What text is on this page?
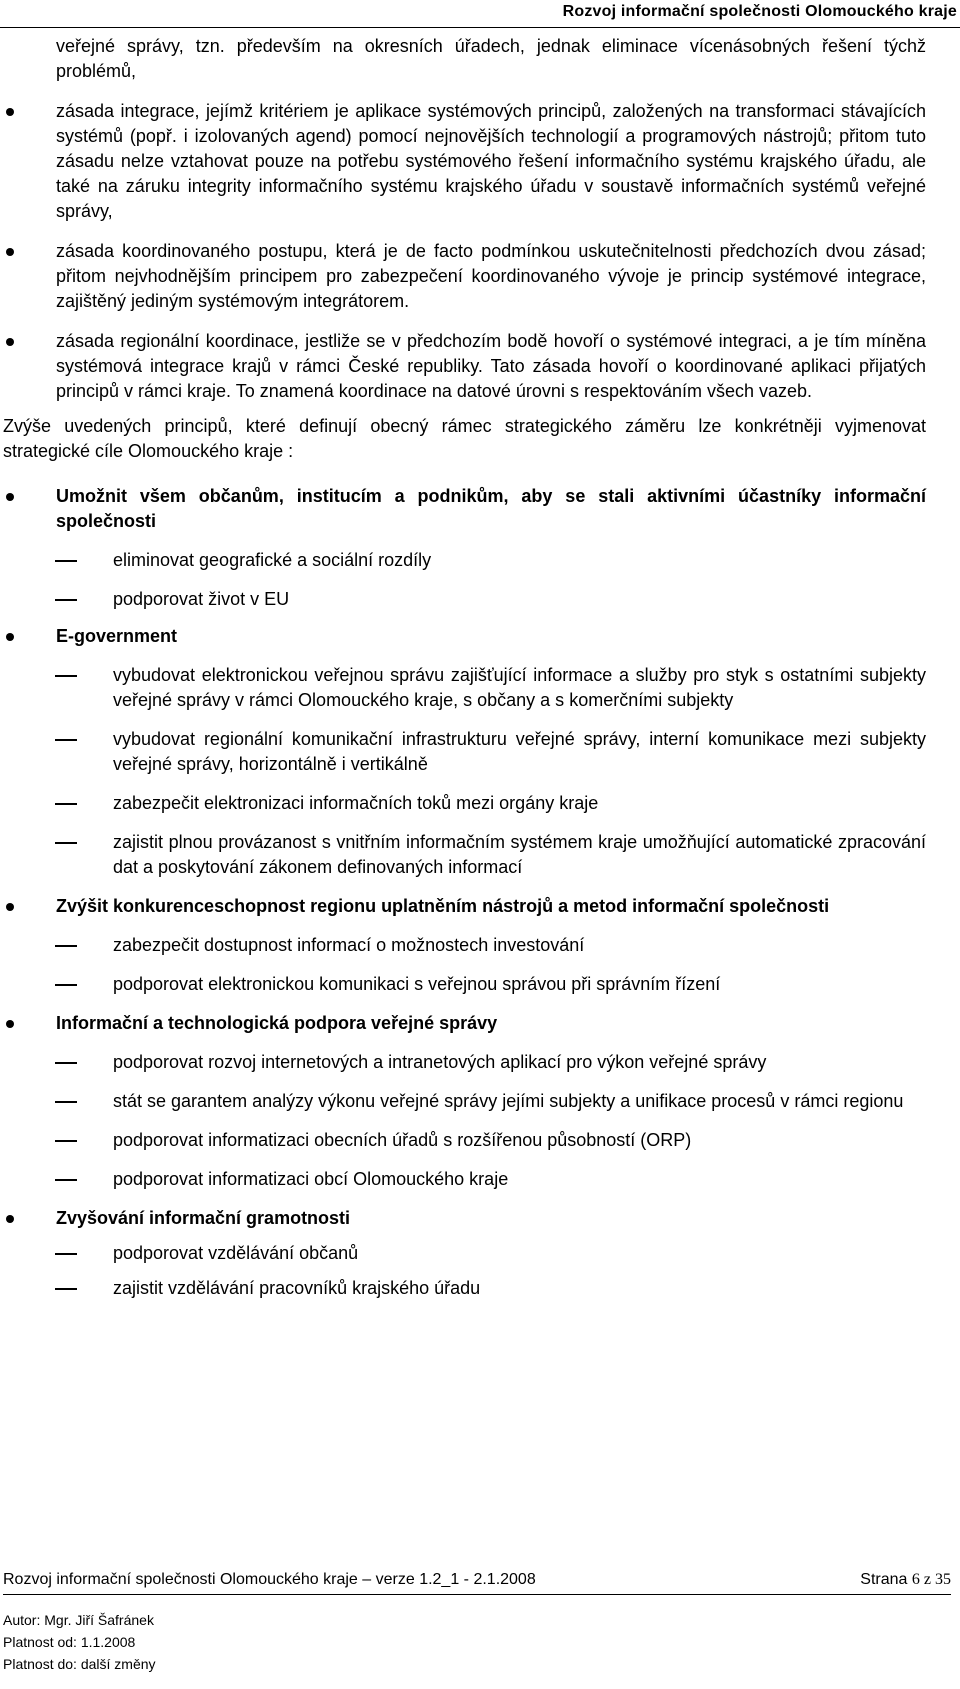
Rozvoj informační společnosti Olomouckého kraje
veřejné správy, tzn. především na okresních úřadech, jednak eliminace vícenásobných řešení týchž problémů,
zásada integrace, jejímž kritériem je aplikace systémových principů, založených na transformaci stávajících systémů (popř. i izolovaných agend) pomocí nejnovějších technologií a programových nástrojů; přitom tuto zásadu nelze vztahovat pouze na potřebu systémového řešení informačního systému krajského úřadu, ale také na záruku integrity informačního systému krajského úřadu v soustavě informačních systémů veřejné správy,
zásada koordinovaného postupu, která je de facto podmínkou uskutečnitelnosti předchozích dvou zásad; přitom nejvhodnějším principem pro zabezpečení koordinovaného vývoje je princip systémové integrace, zajištěný jediným systémovým integrátorem.
zásada regionální koordinace, jestliže se v předchozím bodě hovoří o systémové integraci, a je tím míněna systémová integrace krajů v rámci České republiky. Tato zásada hovoří o koordinované aplikaci přijatých principů v rámci kraje. To znamená koordinace na datové úrovni s respektováním všech vazeb.
Zvýše uvedených principů, které definují obecný rámec strategického záměru lze konkrétněji vyjmenovat strategické cíle Olomouckého kraje :
Umožnit všem občanům, institucím a podnikům, aby se stali aktivními účastníky informační společnosti
eliminovat geografické a sociální rozdíly
podporovat život v EU
E-government
vybudovat elektronickou veřejnou správu zajišťující informace a služby pro styk s ostatními subjekty veřejné správy v rámci Olomouckého kraje, s občany a s komerčními subjekty
vybudovat regionální komunikační infrastrukturu veřejné správy, interní komunikace mezi subjekty veřejné správy, horizontálně i vertikálně
zabezpečit elektronizaci informačních toků mezi orgány kraje
zajistit plnou provázanost s vnitřním informačním systémem kraje umožňující automatické zpracování dat a poskytování zákonem definovaných informací
Zvýšit konkurenceschopnost regionu uplatněním nástrojů a metod informační společnosti
zabezpečit dostupnost informací o možnostech investování
podporovat elektronickou komunikaci s veřejnou správou při správním řízení
Informační a technologická podpora veřejné správy
podporovat rozvoj internetových a intranetových aplikací pro výkon veřejné správy
stát se garantem analýzy výkonu veřejné správy jejími subjekty a unifikace procesů v rámci regionu
podporovat informatizaci obecních úřadů s rozšířenou působností (ORP)
podporovat informatizaci obcí Olomouckého kraje
Zvyšování informační gramotnosti
podporovat vzdělávání občanů
zajistit vzdělávání pracovníků krajského úřadu
Rozvoj informační společnosti Olomouckého kraje – verze 1.2_1 - 2.1.2008	Strana 6 z 35
Autor: Mgr. Jiří Šafránek
Platnost od: 1.1.2008
Platnost do: další změny
